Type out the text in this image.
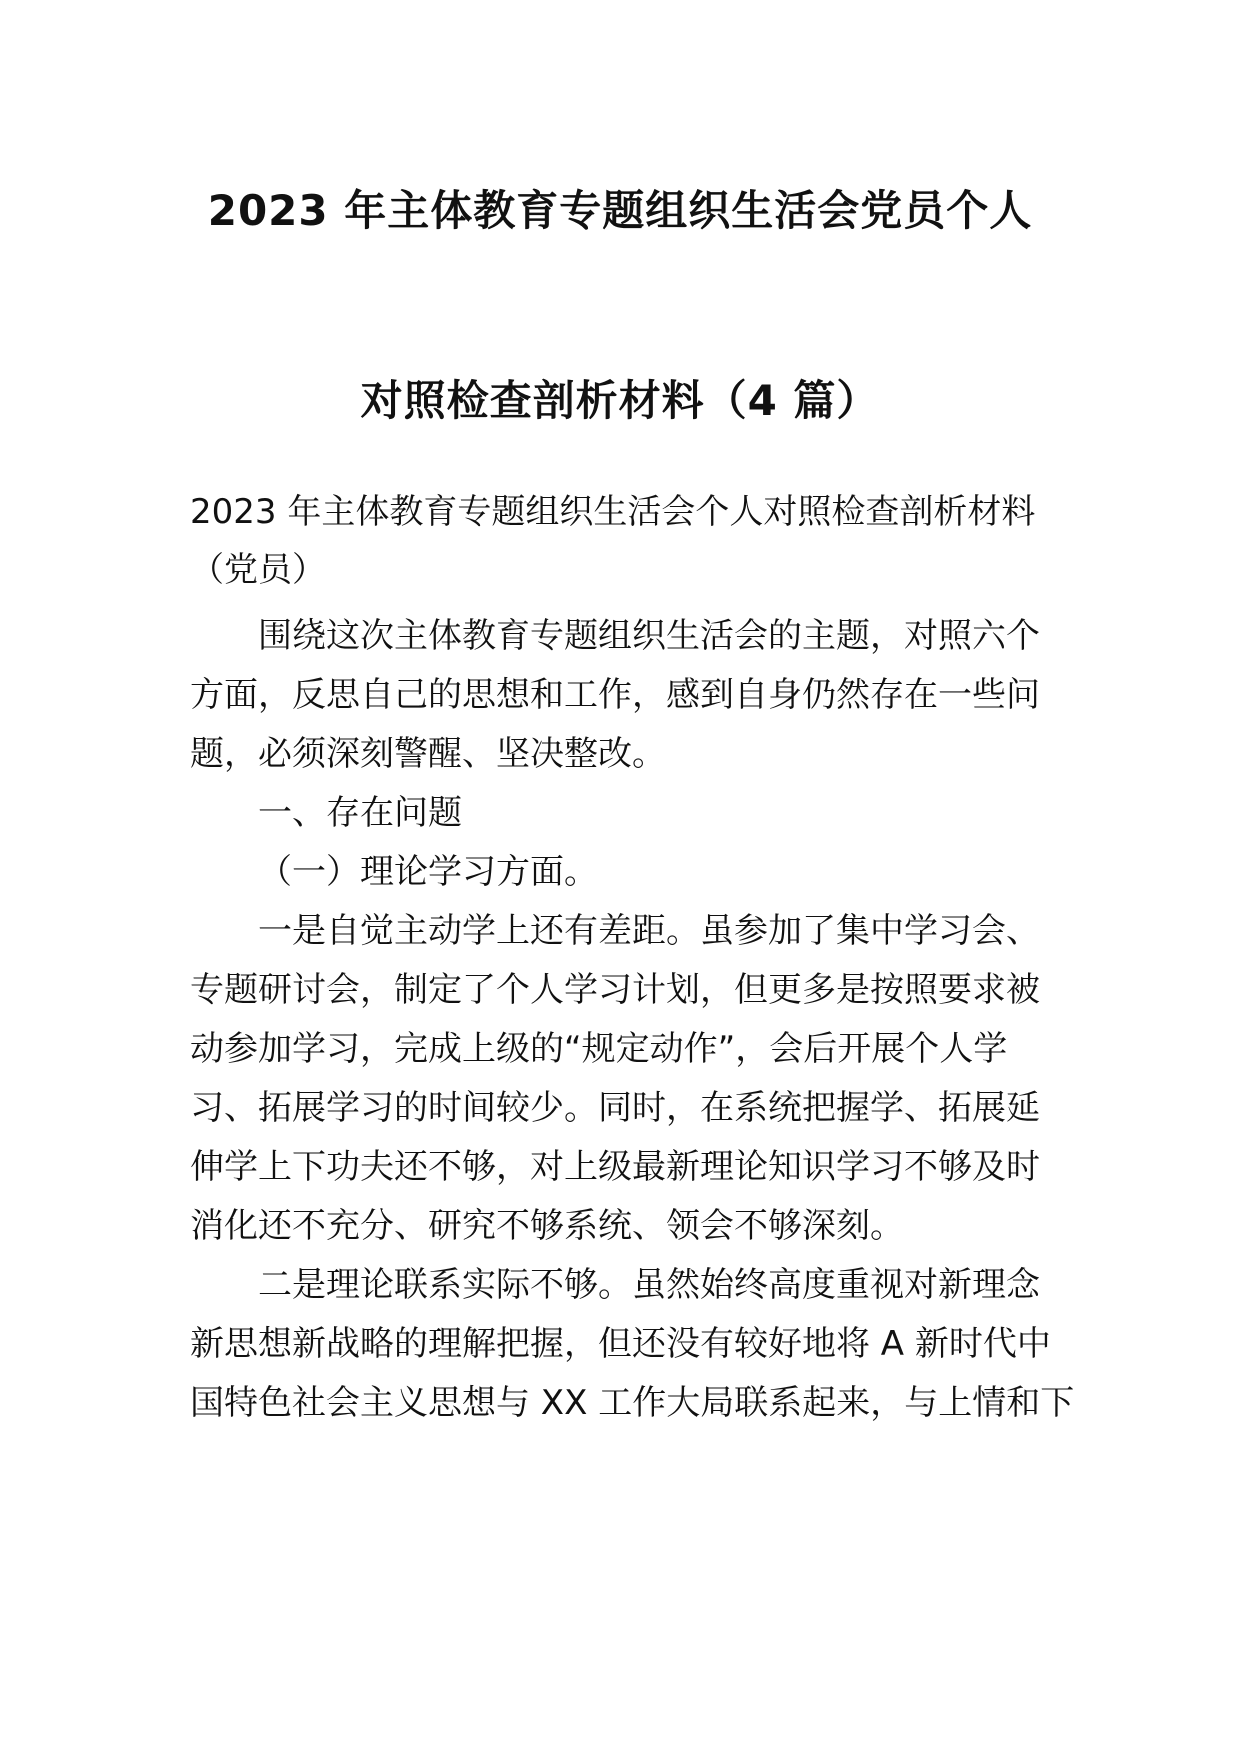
2023 年主体教育专题组织生活会党员个人
对照检查剖析材料（4 篇）
2023 年主体教育专题组织生活会个人对照检查剖析材料
（党员）
围绕这次主体教育专题组织生活会的主题，对照六个
方面，反思自己的思想和工作，感到自身仍然存在一些问
题，必须深刻警醒、坚决整改。
一、存在问题
（一）理论学习方面。
一是自觉主动学上还有差距。虽参加了集中学习会、
专题研讨会，制定了个人学习计划，但更多是按照要求被
动参加学习，完成上级的“规定动作”，会后开展个人学
习、拓展学习的时间较少。同时，在系统把握学、拓展延
伸学上下功夫还不够，对上级最新理论知识学习不够及时
消化还不充分、研究不够系统、领会不够深刻。
二是理论联系实际不够。虽然始终高度重视对新理念
新思想新战略的理解把握，但还没有较好地将 A 新时代中
国特色社会主义思想与 XX 工作大局联系起来，与上情和下
